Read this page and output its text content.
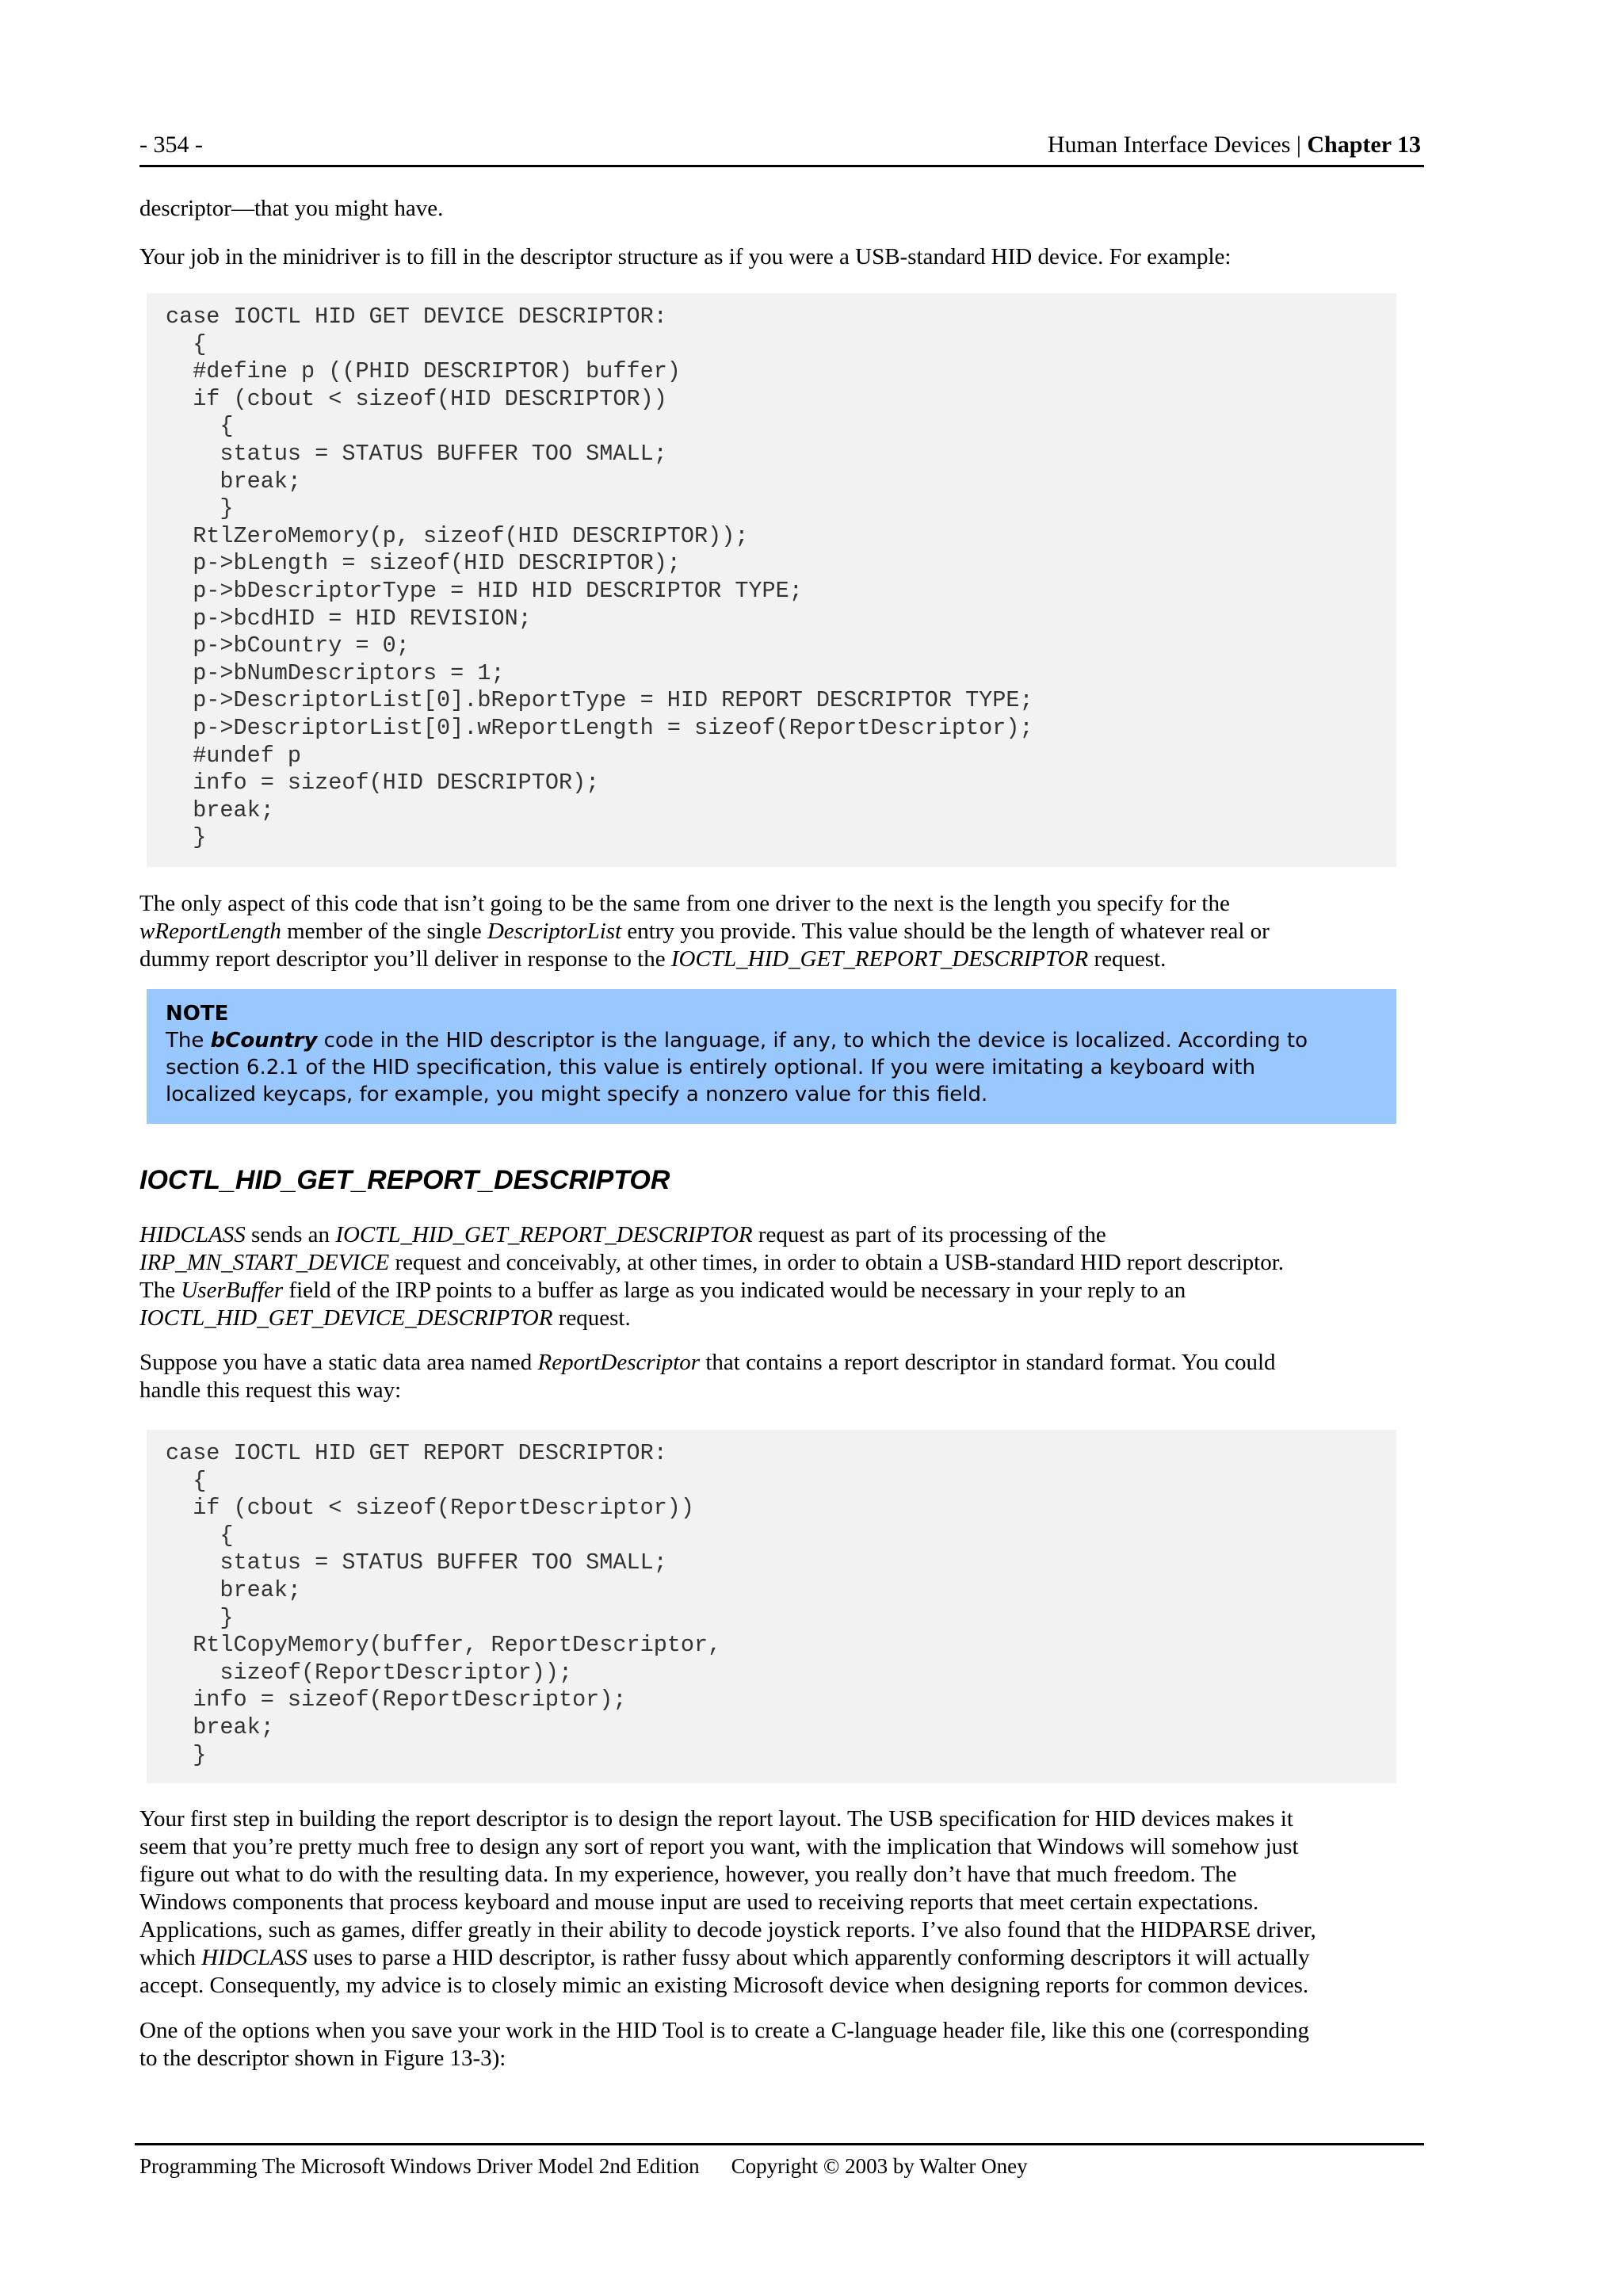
- 354 -	Human Interface Devices | Chapter 13
descriptor—that you might have.
Your job in the minidriver is to fill in the descriptor structure as if you were a USB-standard HID device. For example:
case IOCTL HID GET DEVICE DESCRIPTOR:
{
#define p ((PHID DESCRIPTOR) buffer)
if (cbout < sizeof(HID DESCRIPTOR))
{
status = STATUS BUFFER TOO SMALL;
break;
}
RtlZeroMemory(p, sizeof(HID DESCRIPTOR));
p->bLength = sizeof(HID DESCRIPTOR);
p->bDescriptorType = HID HID DESCRIPTOR TYPE;
p->bcdHID = HID REVISION;
p->bCountry = 0;
p->bNumDescriptors = 1;
p->DescriptorList[0].bReportType = HID REPORT DESCRIPTOR TYPE;
p->DescriptorList[0].wReportLength = sizeof(ReportDescriptor);
#undef p
info = sizeof(HID DESCRIPTOR);
break;
}
The only aspect of this code that isn’t going to be the same from one driver to the next is the length you specify for the
wReportLength member of the single DescriptorList entry you provide. This value should be the length of whatever real or
dummy report descriptor you’ll deliver in response to the IOCTL_HID_GET_REPORT_DESCRIPTOR request.
NOTE
The bCountry code in the HID descriptor is the language, if any, to which the device is localized. According to
section 6.2.1 of the HID specification, this value is entirely optional. If you were imitating a keyboard with
localized keycaps, for example, you might specify a nonzero value for this field.
IOCTL_HID_GET_REPORT_DESCRIPTOR
HIDCLASS sends an IOCTL_HID_GET_REPORT_DESCRIPTOR request as part of its processing of the
IRP_MN_START_DEVICE request and conceivably, at other times, in order to obtain a USB-standard HID report descriptor.
The UserBuffer field of the IRP points to a buffer as large as you indicated would be necessary in your reply to an
IOCTL_HID_GET_DEVICE_DESCRIPTOR request.
Suppose you have a static data area named ReportDescriptor that contains a report descriptor in standard format. You could
handle this request this way:
case IOCTL HID GET REPORT DESCRIPTOR:
{
if (cbout < sizeof(ReportDescriptor))
{
status = STATUS BUFFER TOO SMALL;
break;
}
RtlCopyMemory(buffer, ReportDescriptor,
sizeof(ReportDescriptor));
info = sizeof(ReportDescriptor);
break;
}
Your first step in building the report descriptor is to design the report layout. The USB specification for HID devices makes it
seem that you’re pretty much free to design any sort of report you want, with the implication that Windows will somehow just
figure out what to do with the resulting data. In my experience, however, you really don’t have that much freedom. The
Windows components that process keyboard and mouse input are used to receiving reports that meet certain expectations.
Applications, such as games, differ greatly in their ability to decode joystick reports. I’ve also found that the HIDPARSE driver,
which HIDCLASS uses to parse a HID descriptor, is rather fussy about which apparently conforming descriptors it will actually
accept. Consequently, my advice is to closely mimic an existing Microsoft device when designing reports for common devices.
One of the options when you save your work in the HID Tool is to create a C-language header file, like this one (corresponding
to the descriptor shown in Figure 13-3):
Programming The Microsoft Windows Driver Model 2nd Edition Copyright © 2003 by Walter Oney
